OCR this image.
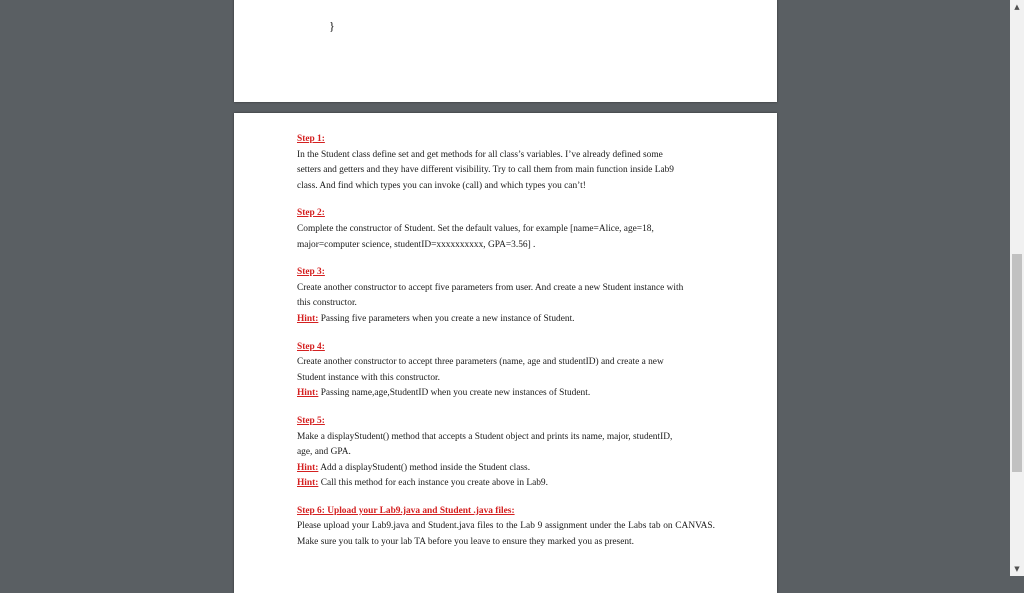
}
Step 1:
In the Student class define set and get methods for all class’s variables. I’ve already defined some setters and getters and they have different visibility. Try to call them from main function inside Lab9 class. And find which types you can invoke (call) and which types you can’t!
Step 2:
Complete the constructor of Student. Set the default values, for example [name=Alice, age=18, major=computer science, studentID=xxxxxxxxxx, GPA=3.56] .
Step 3:
Create another constructor to accept five parameters from user. And create a new Student instance with this constructor.
Hint: Passing five parameters when you create a new instance of Student.
Step 4:
Create another constructor to accept three parameters (name, age and studentID) and create a new Student instance with this constructor.
Hint: Passing name,age,StudentID when you create new instances of Student.
Step 5:
Make a displayStudent() method that accepts a Student object and prints its name, major, studentID, age, and GPA.
Hint: Add a displayStudent() method inside the Student class.
Hint: Call this method for each instance you create above in Lab9.
Step 6: Upload your Lab9.java and Student .java files:
Please upload your Lab9.java and Student.java files to the Lab 9 assignment under the Labs tab on CANVAS. Make sure you talk to your lab TA before you leave to ensure they marked you as present.
▲
▼
